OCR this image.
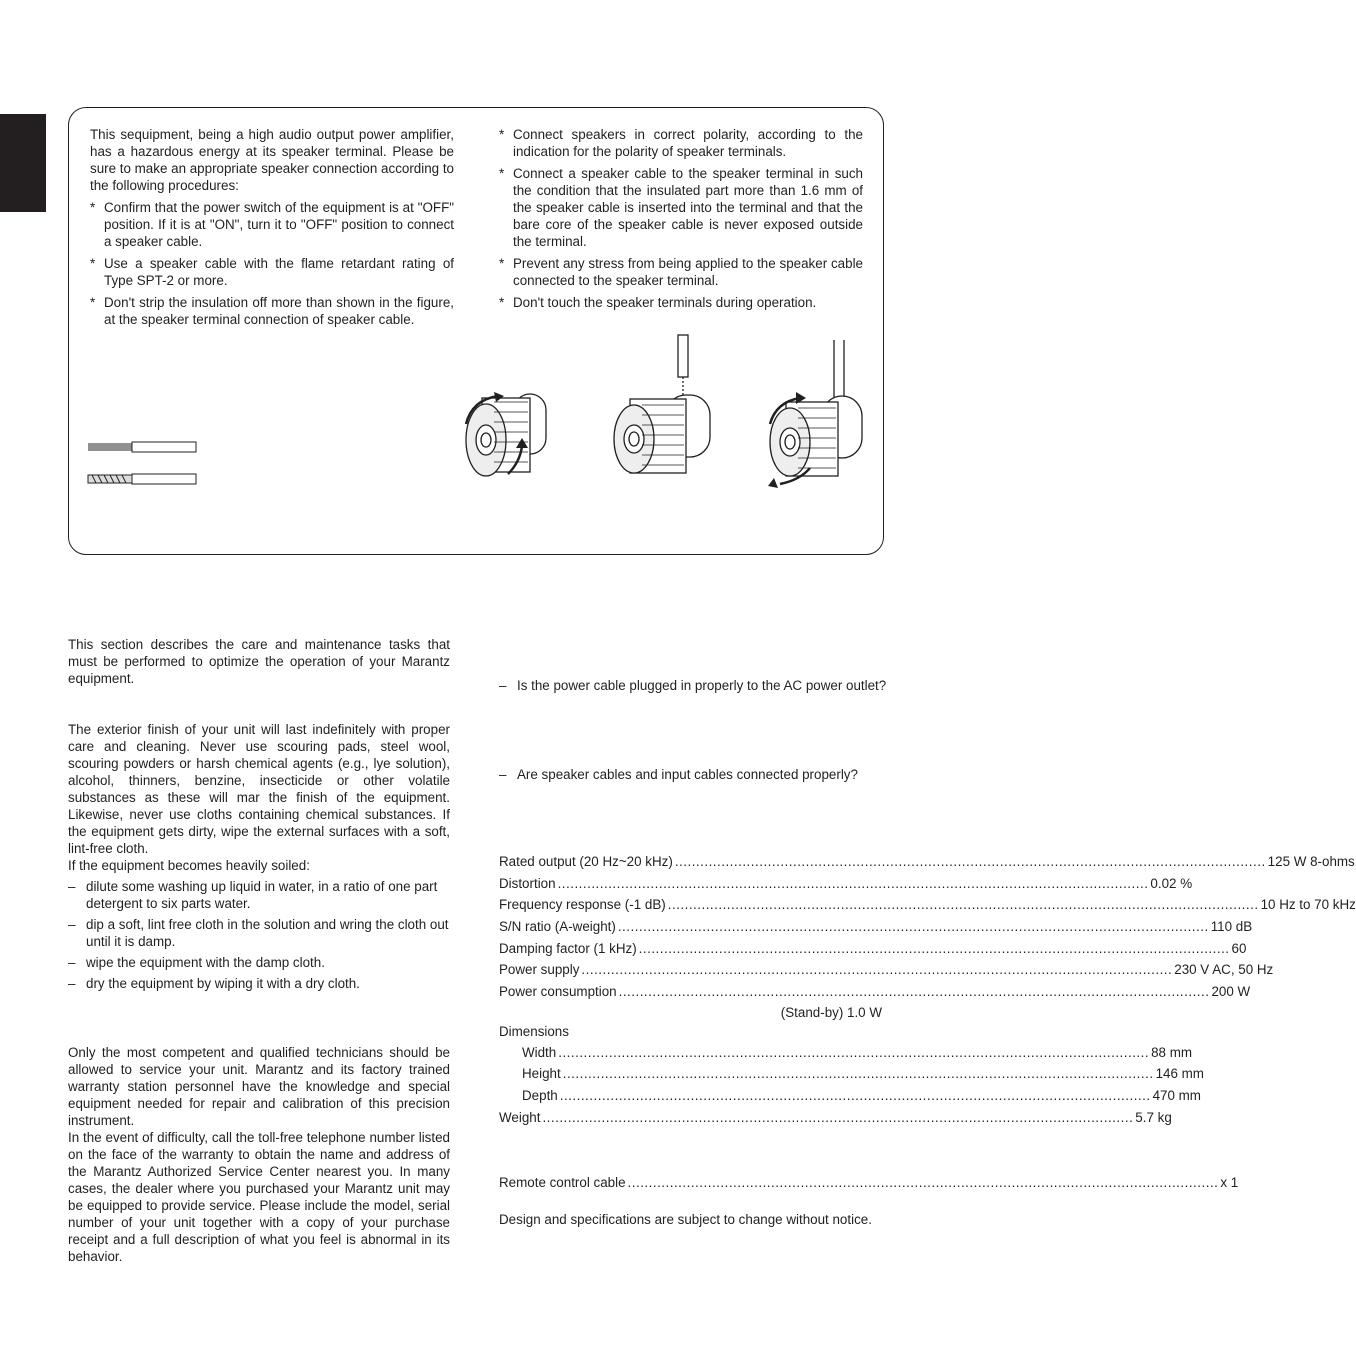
This sequipment, being a high audio output power amplifier, has a hazardous energy at its speaker terminal. Please be sure to make an appropriate speaker connection according to the following procedures:

* Confirm that the power switch of the equipment is at "OFF" position. If it is at "ON", turn it to "OFF" position to connect a speaker cable.
* Use a speaker cable with the flame retardant rating of Type SPT-2 or more.
* Don't strip the insulation off more than shown in the figure, at the speaker terminal connection of speaker cable.
* Connect speakers in correct polarity, according to the indication for the polarity of speaker terminals.
* Connect a speaker cable to the speaker terminal in such the condition that the insulated part more than 1.6 mm of the speaker cable is inserted into the terminal and that the bare core of the speaker cable is never exposed outside the terminal.
* Prevent any stress from being applied to the speaker cable connected to the speaker terminal.
* Don't touch the speaker terminals during operation.

This section describes the care and maintenance tasks that must be performed to optimize the operation of your Marantz equipment.

The exterior finish of your unit will last indefinitely with proper care and cleaning. Never use scouring pads, steel wool, scouring powders or harsh chemical agents (e.g., lye solution), alcohol, thinners, benzine, insecticide or other volatile substances as these will mar the finish of the equipment. Likewise, never use cloths containing chemical substances. If the equipment gets dirty, wipe the external surfaces with a soft, lint-free cloth.

If the equipment becomes heavily soiled:

– dilute some washing up liquid in water, in a ratio of one part detergent to six parts water.
– dip a soft, lint free cloth in the solution and wring the cloth out until it is damp.
– wipe the equipment with the damp cloth.
– dry the equipment by wiping it with a dry cloth.

Only the most competent and qualified technicians should be allowed to service your unit. Marantz and its factory trained warranty station personnel have the knowledge and special equipment needed for repair and calibration of this precision instrument.

In the event of difficulty, call the toll-free telephone number listed on the face of the warranty to obtain the name and address of the Marantz Authorized Service Center nearest you. In many cases, the dealer where you purchased your Marantz unit may be equipped to provide service. Please include the model, serial number of your unit together with a copy of your purchase receipt and a full description of what you feel is abnormal in its behavior.

– Is the power cable plugged in properly to the AC power outlet?
– Are speaker cables and input cables connected properly?
Rated output (20 Hz~20 kHz) ............................................................................................................................................ 125 W 8-ohms
Distortion ............................................................................................................................................ 0.02 %
Frequency response (-1 dB) ............................................................................................................................................ 10 Hz to 70 kHz
S/N ratio (A-weight) ............................................................................................................................................ 110 dB
Damping factor (1 kHz) ............................................................................................................................................ 60
Power supply ............................................................................................................................................ 230 V AC, 50 Hz
Power consumption ............................................................................................................................................ 200 W
(Stand-by) 1.0 W
Dimensions
Width ............................................................................................................................................ 88 mm
Height ............................................................................................................................................ 146 mm
Depth ............................................................................................................................................ 470 mm
Weight ............................................................................................................................................ 5.7 kg
Remote control cable ............................................................................................................................................ x 1

Design and specifications are subject to change without notice.
